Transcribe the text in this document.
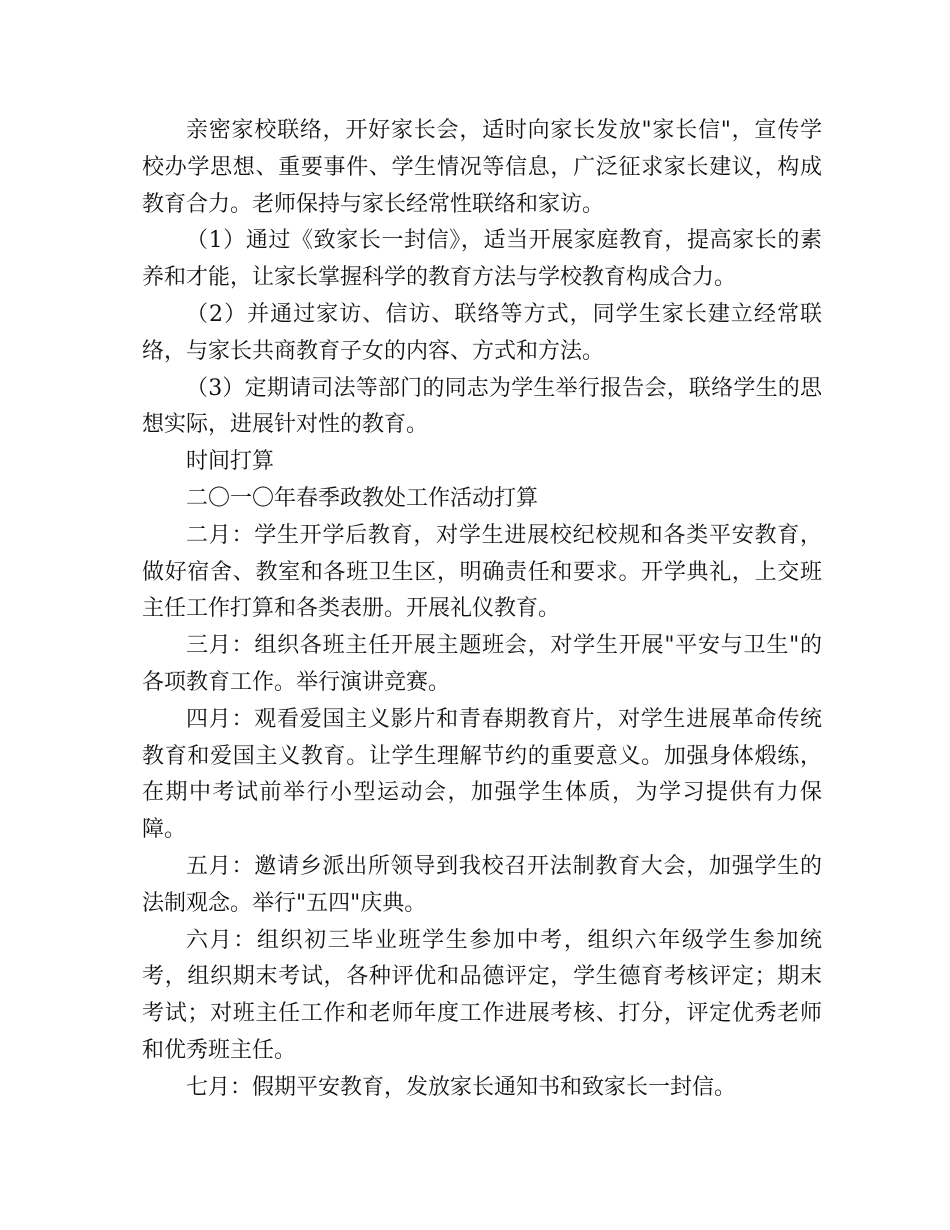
亲密家校联络，开好家长会，适时向家长发放"家长信"，宣传学校办学思想、重要事件、学生情况等信息，广泛征求家长建议，构成教育合力。老师保持与家长经常性联络和家访。

（1）通过《致家长一封信》，适当开展家庭教育，提高家长的素养和才能，让家长掌握科学的教育方法与学校教育构成合力。

（2）并通过家访、信访、联络等方式，同学生家长建立经常联络，与家长共商教育子女的内容、方式和方法。

（3）定期请司法等部门的同志为学生举行报告会，联络学生的思想实际，进展针对性的教育。

时间打算

二〇一〇年春季政教处工作活动打算

二月：学生开学后教育，对学生进展校纪校规和各类平安教育，做好宿舍、教室和各班卫生区，明确责任和要求。开学典礼，上交班主任工作打算和各类表册。开展礼仪教育。

三月：组织各班主任开展主题班会，对学生开展"平安与卫生"的各项教育工作。举行演讲竞赛。

四月：观看爱国主义影片和青春期教育片，对学生进展革命传统教育和爱国主义教育。让学生理解节约的重要意义。加强身体煅练，在期中考试前举行小型运动会，加强学生体质，为学习提供有力保障。

五月：邀请乡派出所领导到我校召开法制教育大会，加强学生的法制观念。举行"五四"庆典。

六月：组织初三毕业班学生参加中考，组织六年级学生参加统考，组织期末考试，各种评优和品德评定，学生德育考核评定；期末考试；对班主任工作和老师年度工作进展考核、打分，评定优秀老师和优秀班主任。

七月：假期平安教育，发放家长通知书和致家长一封信。
